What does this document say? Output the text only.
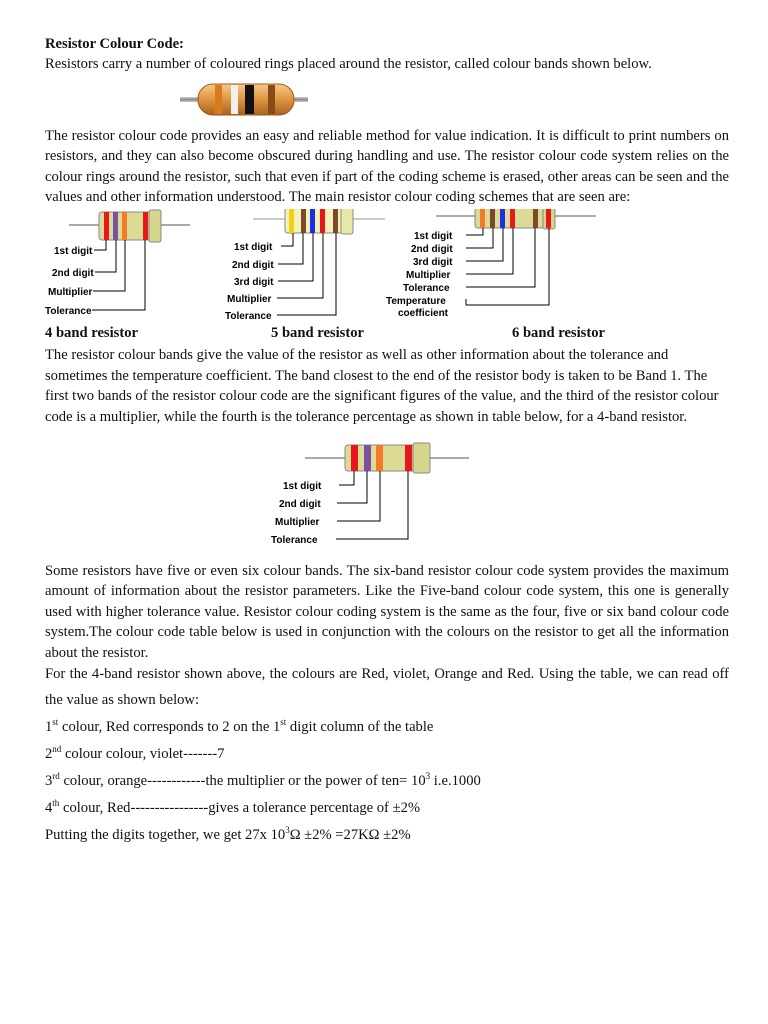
Resistor Colour Code:

Resistors carry a number of coloured rings placed around the resistor, called colour bands shown below.

The resistor colour code provides an easy and reliable method for value indication. It is difficult to print numbers on resistors, and they can also become obscured during handling and use. The resistor colour code system relies on the colour rings around the resistor, such that even if part of the coding scheme is erased, other areas can be seen and the values and other information understood. The main resistor colour coding schemes that are seen are:

1st digit
2nd digit
Multiplier
Tolerance
1st digit
2nd digit
3rd digit
Multiplier
Tolerance
1st digit
2nd digit
3rd digit
Multiplier
Tolerance
Temperature
coefficient
4 band resistor	5 band resistor	6 band resistor

The resistor colour bands give the value of the resistor as well as other information about the tolerance and sometimes the temperature coefficient. The band closest to the end of the resistor body is taken to be Band 1. The first two bands of the resistor colour code are the significant figures of the value, and the third of the resistor colour code is a multiplier, while the fourth is the tolerance percentage as shown in table below, for a 4-band resistor.

1st digit
2nd digit
Multiplier
Tolerance

Some resistors have five or even six colour bands. The six-band resistor colour code system provides the maximum amount of information about the resistor parameters. Like the Five-band colour code system, this one is generally used with higher tolerance value. Resistor colour coding system is the same as the four, five or six band colour code system.The colour code table below is used in conjunction with the colours on the resistor to get all the information about the resistor.

For the 4-band resistor shown above, the colours are Red, violet, Orange and Red. Using the table, we can read off the value as shown below:

1st colour, Red corresponds to 2 on the 1st digit column of the table

2nd colour colour, violet-------7

3rd colour, orange------------the multiplier or the power of $ten= 10^3$ i.e.1000

4th colour, Red----------------gives a tolerance percentage of ±2%

Putting the digits together, we get 27x $10^3\Omega \pm 2\% =27K\Omega \pm 2\%$
